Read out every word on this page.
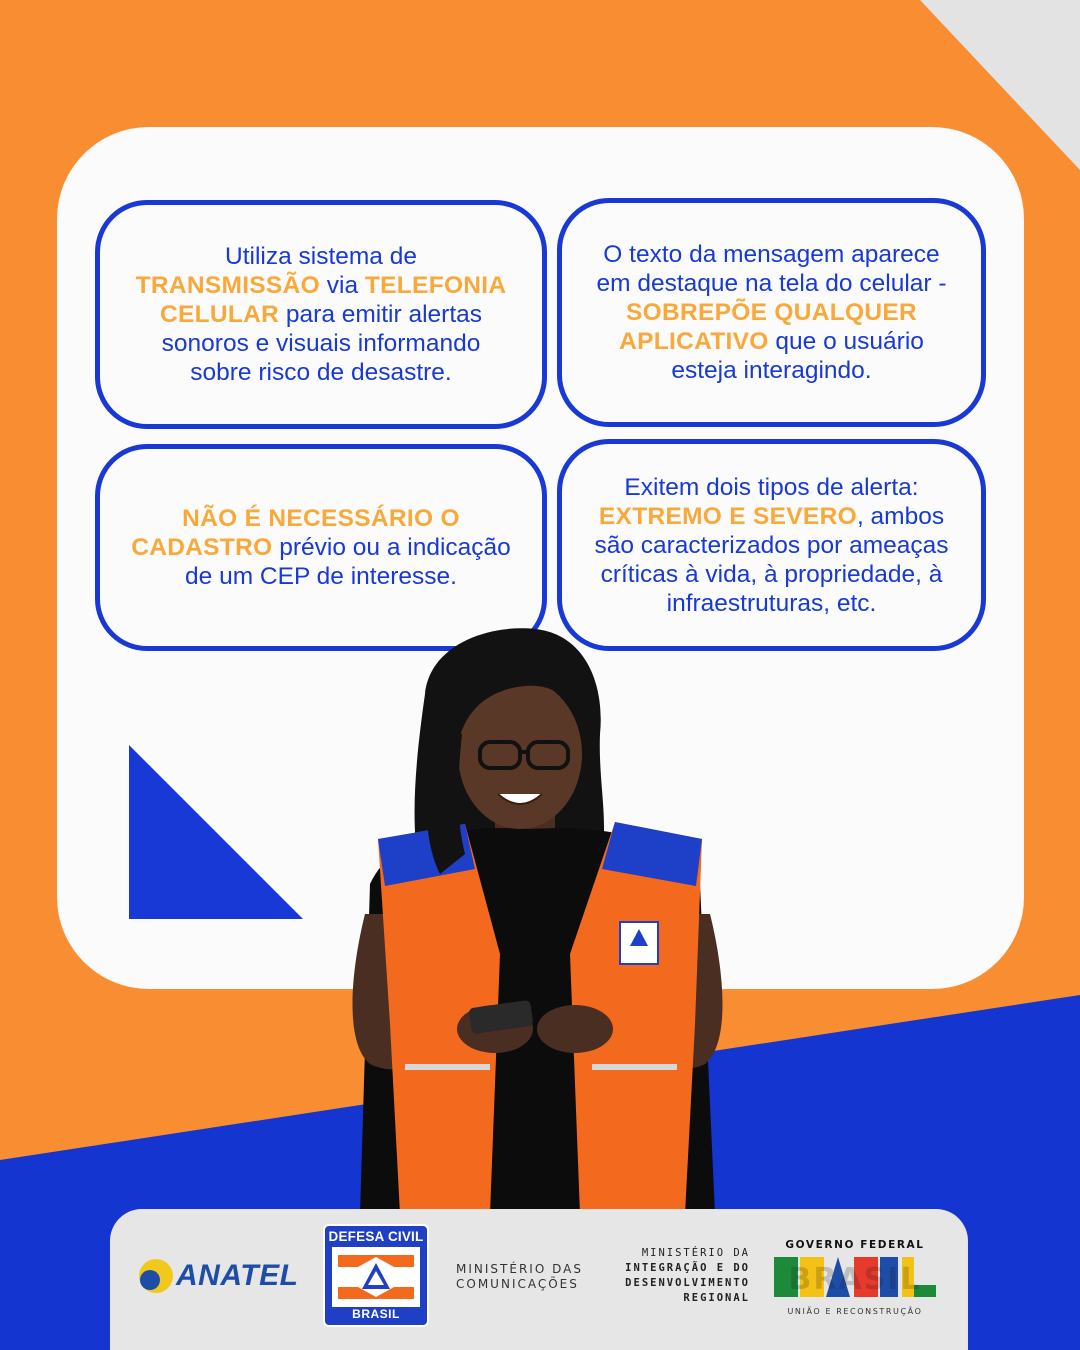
Utiliza sistema de TRANSMISSÃO via TELEFONIA CELULAR para emitir alertas sonoros e visuais informando sobre risco de desastre.

O texto da mensagem aparece em destaque na tela do celular - SOBREPÕE QUALQUER APLICATIVO que o usuário esteja interagindo.

NÃO É NECESSÁRIO O CADASTRO prévio ou a indicação de um CEP de interesse.

Exitem dois tipos de alerta: EXTREMO E SEVERO, ambos são caracterizados por ameaças críticas à vida, à propriedade, à infraestruturas, etc.

ANATEL
DEFESA CIVIL
BRASIL
MINISTÉRIO DAS
COMUNICAÇÕES
MINISTÉRIO DA
INTEGRAÇÃO E DO
DESENVOLVIMENTO
REGIONAL
GOVERNO FEDERAL
BRASIL
UNIÃO E RECONSTRUÇÃO
